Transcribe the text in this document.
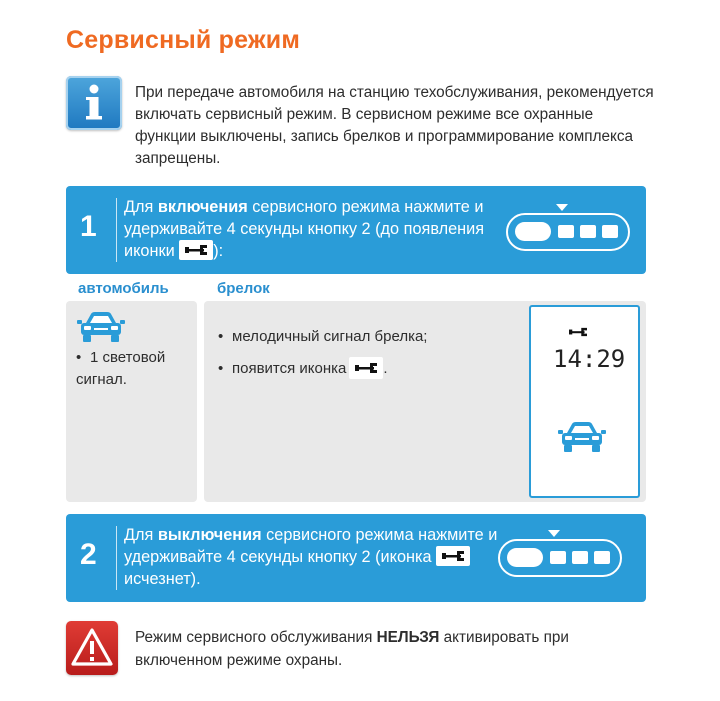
Сервисный режим
При передаче автомобиля на станцию техобслуживания, рекомендуется включать сервисный режим. В сервисном режиме все охранные функции выключены, запись брелков и программирование комплекса запрещены.
1
Для включения сервисного режима нажмите и удерживайте 4 секунды кнопку 2 (до появления иконки
):
автомобиль	брелок
• 1 световой сигнал.
• мелодичный сигнал брелка;
• появится иконка .	14:29
2
Для выключения сервисного режима нажмите и удерживайте 4 секунды кнопку 2 (иконка
исчезнет).
Режим сервисного обслуживания НЕЛЬЗЯ активировать при включенном режиме охраны.
